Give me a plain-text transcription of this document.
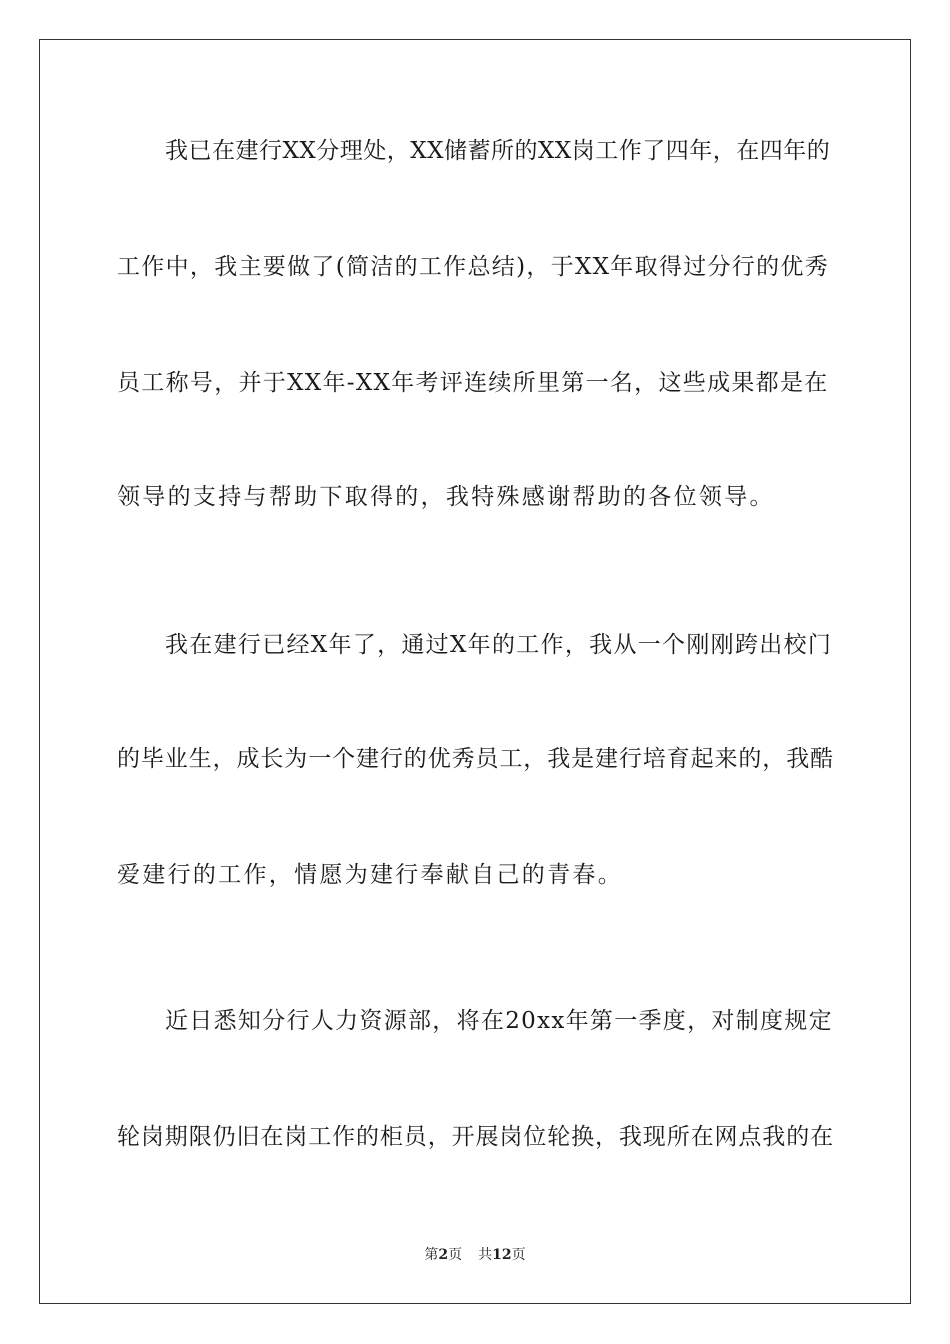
我已在建行XX分理处，XX储蓄所的XX岗工作了四年，在四年的
工作中，我主要做了(简洁的工作总结)，于XX年取得过分行的优秀
员工称号，并于XX年-XX年考评连续所里第一名，这些成果都是在
领导的支持与帮助下取得的，我特殊感谢帮助的各位领导。
我在建行已经X年了，通过X年的工作，我从一个刚刚跨出校门
的毕业生，成长为一个建行的优秀员工，我是建行培育起来的，我酷
爱建行的工作，情愿为建行奉献自己的青春。
近日悉知分行人力资源部，将在20xx年第一季度，对制度规定
轮岗期限仍旧在岗工作的柜员，开展岗位轮换，我现所在网点我的在
第2页 共12页
